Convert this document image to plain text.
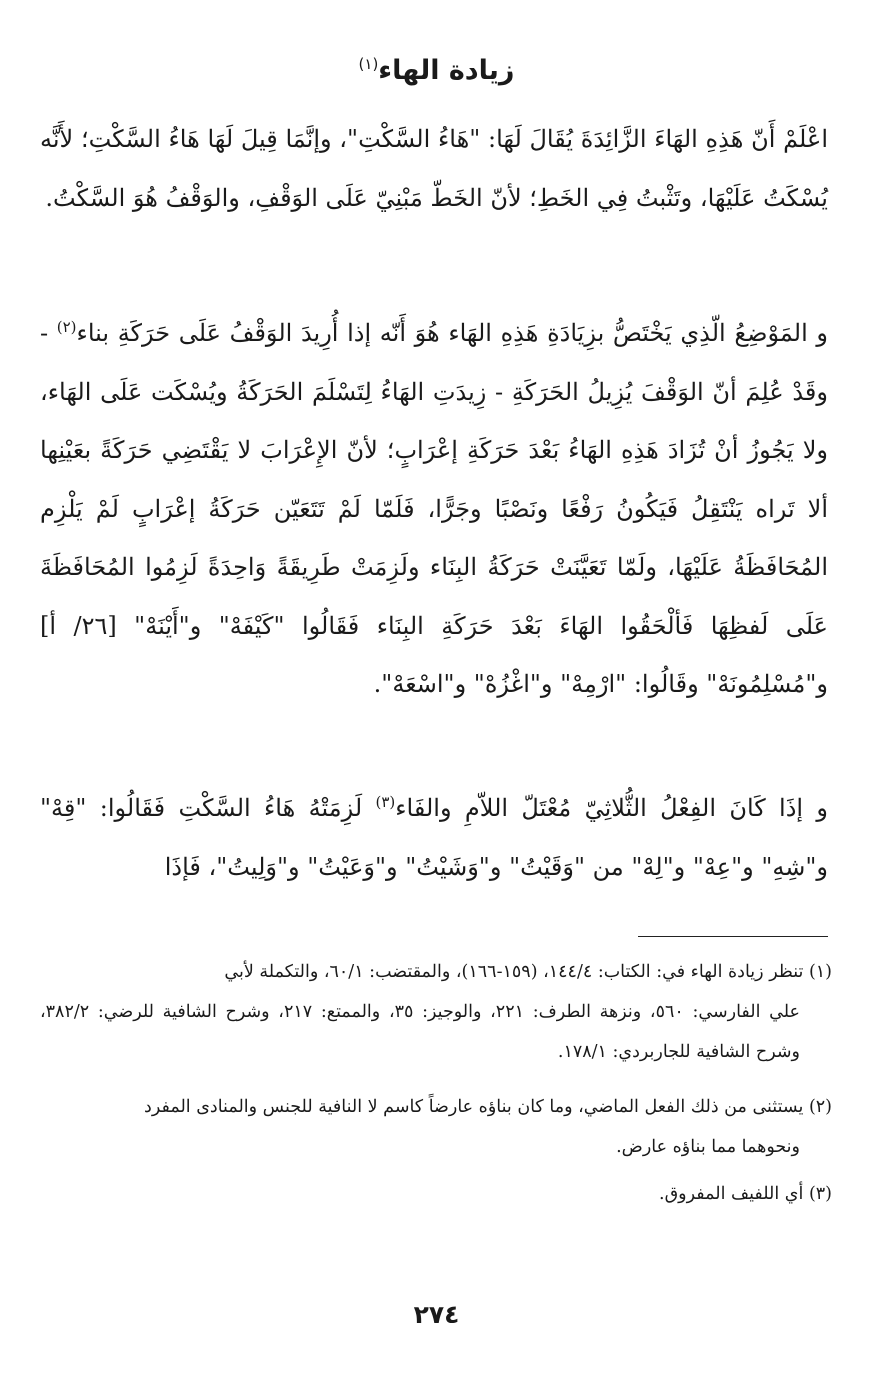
زيادة الهاء$^{(١)}$

اعْلَمْ أَنّ هَذِهِ الهَاءَ الزَّائِدَةَ يُقَالَ لَهَا: "هَاءُ السَّكْتِ"، وإنَّمَا قِيلَ لَهَا هَاءُ السَّكْتِ؛ لأَنَّه يُسْكَتُ عَلَيْهَا، وتَثْبتُ فِي الخَطِ؛ لأنّ الخَطّ مَبْنِيّ عَلَى الوَقْفِ، والوَقْفُ هُوَ السَّكْتُ.

و المَوْضِعُ الّذِي يَخْتَصُّ بزِيَادَةِ هَذِهِ الهَاء هُوَ أَنّه إذا أُرِيدَ الوَقْفُ عَلَى حَرَكَةِ بناء$^{(٢)}$ - وقَدْ عُلِمَ أنّ الوَقْفَ يُزِيلُ الحَرَكَةِ - زِيدَتِ الهَاءُ لِتَسْلَمَ الحَرَكَةُ ويُسْكَت عَلَى الهَاء، ولا يَجُوزُ أنْ تُزَادَ هَذِهِ الهَاءُ بَعْدَ حَرَكَةِ إعْرَابٍ؛ لأنّ الإِعْرَابَ لا يَقْتَضِي حَرَكَةً بعَيْنِها ألا تَراه يَنْتَقِلُ فَيَكُونُ رَفْعًا ونَصْبًا وجَرًّا، فَلَمّا لَمْ تَتَعَيّن حَرَكَةُ إعْرَابٍ لَمْ يَلْزِم المُحَافَظَةُ عَلَيْهَا، ولَمّا تَعَيَّنَتْ حَرَكَةُ البِنَاء ولَزِمَتْ طَرِيقَةً وَاحِدَةً لَزِمُوا المُحَافَظَةَ عَلَى لَفظِهَا فَألْحَقُوا الهَاءَ بَعْدَ حَرَكَةِ البِنَاء فَقَالُوا "كَيْفَهْ" و"أَيْنَهْ" [٢٦/ أ] و"مُسْلِمُونَهْ" وقَالُوا: "ارْمِهْ" و"اغْزُهْ" و"اسْعَهْ".

و إذَا كَانَ الفِعْلُ الثُّلاثِيّ مُعْتَلّ اللاّمِ والفَاء$^{(٣)}$ لَزِمَتْهُ هَاءُ السَّكْتِ فَقَالُوا: "قِهْ" و"شِهِ" و"عِهْ" و"لِهْ" من "وَقَيْتُ" و"وَشَيْتُ" و"وَعَيْتُ" و"وَلِيتُ"، فَإذَا

(١) تنظر زيادة الهاء في: الكتاب: ١٤٤/٤، (١٥٩-١٦٦)، والمقتضب: ٦٠/١، والتكملة لأبي
علي الفارسي: ٥٦٠، ونزهة الطرف: ٢٢١، والوجيز: ٣٥، والممتع: ٢١٧، وشرح الشافية للرضي: ٣٨٢/٢، وشرح الشافية للجاربردي: ١٧٨/١.

(٢) يستثنى من ذلك الفعل الماضي، وما كان بناؤه عارضاً كاسم لا النافية للجنس والمنادى المفرد
ونحوهما مما بناؤه عارض.

(٣) أي اللفيف المفروق.

٢٧٤
